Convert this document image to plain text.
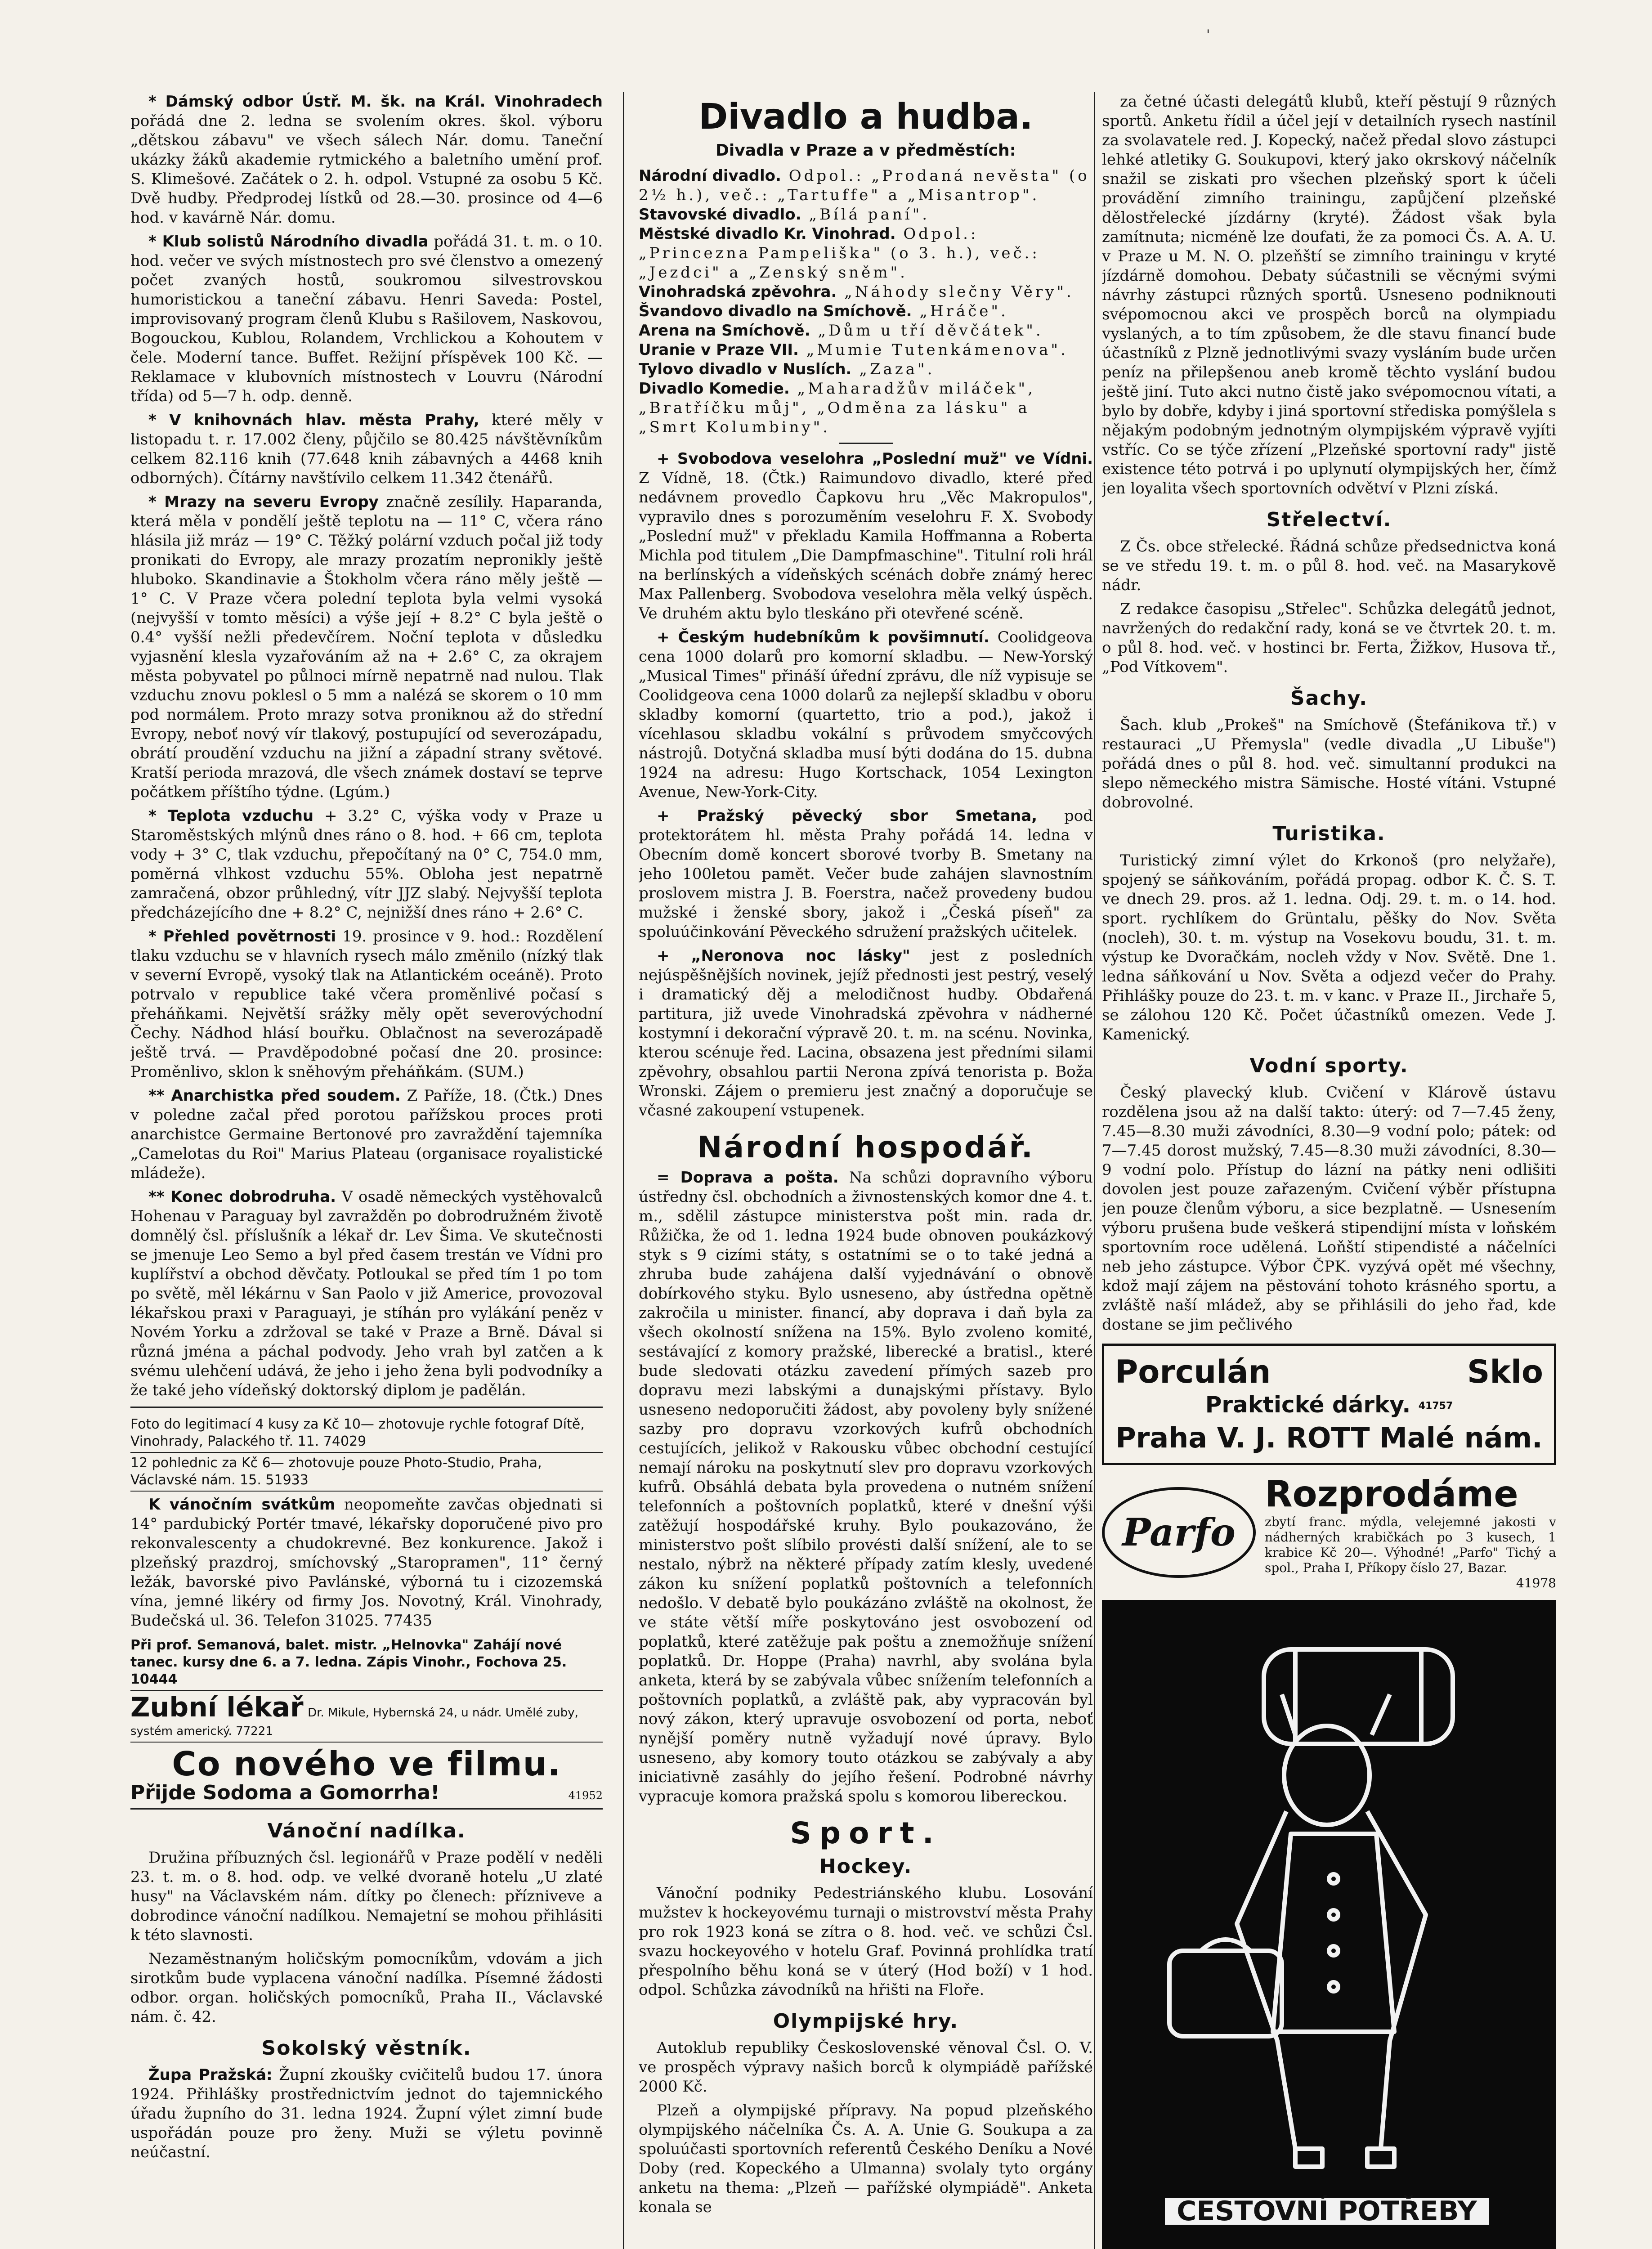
'

* Dámský odbor Ústř. M. šk. na Král. Vinohradech pořádá dne 2. ledna se svolením okres. škol. výboru „dětskou zábavu" ve všech sálech Nár. domu. Taneční ukázky žáků akademie rytmického a baletního umění prof. S. Klimešové. Začátek o 2. h. odpol. Vstupné za osobu 5 Kč. Dvě hudby. Předprodej lístků od 28.—30. prosince od 4—6 hod. v kavárně Nár. domu.

* Klub solistů Národního divadla pořádá 31. t. m. o 10. hod. večer ve svých místnostech pro své členstvo a omezený počet zvaných hostů, soukromou silvestrovskou humoristickou a taneční zábavu. Henri Saveda: Postel, improvisovaný program členů Klubu s Rašilovem, Naskovou, Bogouckou, Kublou, Rolandem, Vrchlickou a Kohoutem v čele. Moderní tance. Buffet. Režijní příspěvek 100 Kč. — Reklamace v klubovních místnostech v Louvru (Národní třída) od 5—7 h. odp. denně.

* V knihovnách hlav. města Prahy, které měly v listopadu t. r. 17.002 členy, půjčilo se 80.425 návštěvníkům celkem 82.116 knih (77.648 knih zábavných a 4468 knih odborných). Čítárny navštívilo celkem 11.342 čtenářů.

* Mrazy na severu Evropy značně zesílily. Haparanda, která měla v pondělí ještě teplotu na — 11° C, včera ráno hlásila již mráz — 19° C. Těžký polární vzduch počal již tody pronikati do Evropy, ale mrazy prozatím nepronikly ještě hluboko. Skandinavie a Štokholm včera ráno měly ještě — 1° C. V Praze včera polední teplota byla velmi vysoká (nejvyšší v tomto měsíci) a výše její + 8.2° C byla ještě o 0.4° vyšší nežli předevčírem. Noční teplota v důsledku vyjasnění klesla vyzařováním až na + 2.6° C, za okrajem města pobyvatel po půlnoci mírně nepatrně nad nulou. Tlak vzduchu znovu poklesl o 5 mm a nalézá se skorem o 10 mm pod normálem. Proto mrazy sotva proniknou až do střední Evropy, neboť nový vír tlakový, postupující od severozápadu, obrátí proudění vzduchu na jižní a západní strany světové. Kratší perioda mrazová, dle všech známek dostaví se teprve počátkem příštího týdne. (Lgúm.)

* Teplota vzduchu + 3.2° C, výška vody v Praze u Staroměstských mlýnů dnes ráno o 8. hod. + 66 cm, teplota vody + 3° C, tlak vzduchu, přepočítaný na 0° C, 754.0 mm, poměrná vlhkost vzduchu 55%. Obloha jest nepatrně zamračená, obzor průhledný, vítr JJZ slabý. Nejvyšší teplota předcházejícího dne + 8.2° C, nejnižší dnes ráno + 2.6° C.

* Přehled povětrnosti 19. prosince v 9. hod.: Rozdělení tlaku vzduchu se v hlavních rysech málo změnilo (nízký tlak v severní Evropě, vysoký tlak na Atlantickém oceáně). Proto potrvalo v republice také včera proměnlivé počasí s přeháňkami. Největší srážky měly opět severovýchodní Čechy. Nádhod hlásí bouřku. Oblačnost na severozápadě ještě trvá. — Pravděpodobné počasí dne 20. prosince: Proměnlivo, sklon k sněhovým přeháňkám. (SUM.)

** Anarchistka před soudem. Z Paříže, 18. (Čtk.) Dnes v poledne začal před porotou pařížskou proces proti anarchistce Germaine Bertonové pro zavraždění tajemníka „Camelotas du Roi" Marius Plateau (organisace royalistické mládeže).

** Konec dobrodruha. V osadě německých vystěhovalců Hohenau v Paraguay byl zavražděn po dobrodružném životě domnělý čsl. příslušník a lékař dr. Lev Šima. Ve skutečnosti se jmenuje Leo Semo a byl před časem trestán ve Vídni pro kuplířství a obchod děvčaty. Potloukal se před tím 1 po tom po světě, měl lékárnu v San Paolo v již Americe, provozoval lékařskou praxi v Paraguayi, je stíhán pro vylákání peněz v Novém Yorku a zdržoval se také v Praze a Brně. Dával si různá jména a páchal podvody. Jeho vrah byl zatčen a k svému ulehčení udává, že jeho i jeho žena byli podvodníky a že také jeho vídeňský doktorský diplom je padělán.

Foto do legitimací 4 kusy za Kč 10— zhotovuje rychle fotograf Dítě, Vinohrady, Palackého tř. 11. 74029
12 pohlednic za Kč 6— zhotovuje pouze Photo-Studio, Praha, Václavské nám. 15. 51933

K vánočním svátkům neopomeňte zavčas objednati si 14° pardubický Portér tmavé, lékařsky doporučené pivo pro rekonvalescenty a chudokrevné. Bez konkurence. Jakož i plzeňský prazdroj, smíchovský „Staropramen", 11° černý ležák, bavorské pivo Pavlánské, výborná tu i cizozemská vína, jemné likéry od firmy Jos. Novotný, Král. Vinohrady, Budečská ul. 36. Telefon 31025. 77435

Při prof. Semanová, balet. mistr. „Helnovka" Zahájí nové tanec. kursy dne 6. a 7. ledna. Zápis Vinohr., Fochova 25. 10444
Zubní lékař Dr. Mikule, Hybernská 24, u nádr. Umělé zuby, systém americký. 77221
Co nového ve filmu.
Přijde Sodoma a Gomorrha!	41952
Vánoční nadílka.

Družina příbuzných čsl. legionářů v Praze podělí v neděli 23. t. m. o 8. hod. odp. ve velké dvoraně hotelu „U zlaté husy" na Václavském nám. dítky po členech: přízniveve a dobrodince vánoční nadílkou. Nemajetní se mohou přihlásiti k této slavnosti.

Nezaměstnaným holičským pomocníkům, vdovám a jich sirotkům bude vyplacena vánoční nadílka. Písemné žádosti odbor. organ. holičských pomocníků, Praha II., Václavské nám. č. 42.

Sokolský věstník.

Župa Pražská: Župní zkoušky cvičitelů budou 17. února 1924. Přihlášky prostřednictvím jednot do tajemnického úřadu župního do 31. ledna 1924. Župní výlet zimní bude uspořádán pouze pro ženy. Muži se výletu povinně neúčastní.

Divadlo a hudba.
Divadla v Praze a v předměstích:
Národní divadlo. Odpol.: „Prodaná nevěsta" (o 2½ h.), več.: „Tartuffe" a „Misantrop".
Stavovské divadlo. „Bílá paní".
Městské divadlo Kr. Vinohrad. Odpol.: „Princezna Pampeliška" (o 3. h.), več.: „Jezdci" a „Zenský sněm".
Vinohradská zpěvohra. „Náhody slečny Věry".
Švandovo divadlo na Smíchově. „Hráče".
Arena na Smíchově. „Dům u tří děvčátek".
Uranie v Praze VII. „Mumie Tutenkámenova".
Tylovo divadlo v Nuslích. „Zaza".
Divadlo Komedie. „Maharadžův miláček", „Bratříčku můj", „Odměna za lásku" a „Smrt Kolumbiny".

+ Svobodova veselohra „Poslední muž" ve Vídni. Z Vídně, 18. (Čtk.) Raimundovo divadlo, které před nedávnem provedlo Čapkovu hru „Věc Makropulos", vypravilo dnes s porozuměním veselohru F. X. Svobody „Poslední muž" v překladu Kamila Hoffmanna a Roberta Michla pod titulem „Die Dampfmaschine". Titulní roli hrál na berlínských a vídeňských scénách dobře známý herec Max Pallenberg. Svobodova veselohra měla velký úspěch. Ve druhém aktu bylo tleskáno při otevřené scéně.

+ Českým hudebníkům k povšimnutí. Coolidgeova cena 1000 dolarů pro komorní skladbu. — New-Yorský „Musical Times" přináší úřední zprávu, dle níž vypisuje se Coolidgeova cena 1000 dolarů za nejlepší skladbu v oboru skladby komorní (quartetto, trio a pod.), jakož i vícehlasou skladbu vokální s průvodem smyčcových nástrojů. Dotyčná skladba musí býti dodána do 15. dubna 1924 na adresu: Hugo Kortschack, 1054 Lexington Avenue, New-York-City.

+ Pražský pěvecký sbor Smetana, pod protektorátem hl. města Prahy pořádá 14. ledna v Obecním domě koncert sborové tvorby B. Smetany na jeho 100letou pamět. Večer bude zahájen slavnostním proslovem mistra J. B. Foerstra, načež provedeny budou mužské i ženské sbory, jakož i „Česká píseň" za spoluúčinkování Pěveckého sdružení pražských učitelek.

+ „Neronova noc lásky" jest z posledních nejúspěšnějších novinek, jejíž přednosti jest pestrý, veselý i dramatický děj a melodičnost hudby. Obdařená partitura, již uvede Vinohradská zpěvohra v nádherné kostymní i dekorační výpravě 20. t. m. na scénu. Novinka, kterou scénuje řed. Lacina, obsazena jest předními silami zpěvohry, obsahlou partii Nerona zpívá tenorista p. Boža Wronski. Zájem o premieru jest značný a doporučuje se včasné zakoupení vstupenek.

Národní hospodář.

= Doprava a pošta. Na schůzi dopravního výboru ústředny čsl. obchodních a živnostenských komor dne 4. t. m., sdělil zástupce ministerstva pošt min. rada dr. Růžička, že od 1. ledna 1924 bude obnoven poukázkový styk s 9 cizími státy, s ostatními se o to také jedná a zhruba bude zahájena další vyjednávání o obnově dobírkového styku. Bylo usneseno, aby ústředna opětně zakročila u minister. financí, aby doprava i daň byla za všech okolností snížena na 15%. Bylo zvoleno komité, sestávající z komory pražské, liberecké a bratisl., které bude sledovati otázku zavedení přímých sazeb pro dopravu mezi labskými a dunajskými přístavy. Bylo usneseno nedoporučiti žádost, aby povoleny byly snížené sazby pro dopravu vzorkových kufrů obchodních cestujících, jelikož v Rakousku vůbec obchodní cestující nemají nároku na poskytnutí slev pro dopravu vzorkových kufrů. Obsáhlá debata byla provedena o nutném snížení telefonních a poštovních poplatků, které v dnešní výši zatěžují hospodářské kruhy. Bylo poukazováno, že ministerstvo pošt slíbilo provésti další snížení, ale to se nestalo, nýbrž na některé případy zatím klesly, uvedené zákon ku snížení poplatků poštovních a telefonních nedošlo. V debatě bylo poukázáno zvláště na okolnost, že ve státe větší míře poskytováno jest osvobození od poplatků, které zatěžuje pak poštu a znemožňuje snížení poplatků. Dr. Hoppe (Praha) navrhl, aby svolána byla anketa, která by se zabývala vůbec snížením telefonních a poštovních poplatků, a zvláště pak, aby vypracován byl nový zákon, který upravuje osvobození od porta, neboť nynější poměry nutně vyžadují nové úpravy. Bylo usneseno, aby komory touto otázkou se zabývaly a aby iniciativně zasáhly do jejího řešení. Podrobné návrhy vypracuje komora pražská spolu s komorou libereckou.

Sport.
Hockey.

Vánoční podniky Pedestriánského klubu. Losování mužstev k hockeyovému turnaji o mistrovství města Prahy pro rok 1923 koná se zítra o 8. hod. več. ve schůzi Čsl. svazu hockeyového v hotelu Graf. Povinná prohlídka tratí přespolního běhu koná se v úterý (Hod boží) v 1 hod. odpol. Schůzka závodníků na hřišti na Floře.

Olympijské hry.

Autoklub republiky Československé věnoval Čsl. O. V. ve prospěch výpravy našich borců k olympiádě pařížské 2000 Kč.

Plzeň a olympijské přípravy. Na popud plzeňského olympijského náčelníka Čs. A. A. Unie G. Soukupa a za spoluúčasti sportovních referentů Českého Deníku a Nové Doby (red. Kopeckého a Ulmanna) svolaly tyto orgány anketu na thema: „Plzeň — pařížské olympiádě". Anketa konala se

za četné účasti delegátů klubů, kteří pěstují 9 různých sportů. Anketu řídil a účel její v detailních rysech nastínil za svolavatele red. J. Kopecký, načež předal slovo zástupci lehké atletiky G. Soukupovi, který jako okrskový náčelník snažil se ziskati pro všechen plzeňský sport k účeli provádění zimního trainingu, zapůjčení plzeňské dělostřelecké jízdárny (kryté). Žádost však byla zamítnuta; nicméně lze doufati, že za pomoci Čs. A. A. U. v Praze u M. N. O. plzeňští se zimního trainingu v kryté jízdárně domohou. Debaty súčastnili se věcnými svými návrhy zástupci různých sportů. Usneseno podniknouti svépomocnou akci ve prospěch borců na olympiadu vyslaných, a to tím způsobem, že dle stavu financí bude účastníků z Plzně jednotlivými svazy vysláním bude určen peníz na přilepšenou aneb kromě těchto vyslání budou ještě jiní. Tuto akci nutno čistě jako svépomocnou vítati, a bylo by dobře, kdyby i jiná sportovní střediska pomýšlela s nějakým podobným jednotným olympijském výpravě vyjíti vstříc. Co se týče zřízení „Plzeňské sportovní rady" jistě existence této potrvá i po uplynutí olympijských her, čímž jen loyalita všech sportovních odvětví v Plzni získá.

Střelectví.

Z Čs. obce střelecké. Řádná schůze předsednictva koná se ve středu 19. t. m. o půl 8. hod. več. na Masarykově nádr.

Z redakce časopisu „Střelec". Schůzka delegátů jednot, navržených do redakční rady, koná se ve čtvrtek 20. t. m. o půl 8. hod. več. v hostinci br. Ferta, Žižkov, Husova tř., „Pod Vítkovem".

Šachy.

Šach. klub „Prokeš" na Smíchově (Štefánikova tř.) v restauraci „U Přemysla" (vedle divadla „U Libuše") pořádá dnes o půl 8. hod. več. simultanní produkci na slepo německého mistra Sämische. Hosté vítáni. Vstupné dobrovolné.

Turistika.

Turistický zimní výlet do Krkonoš (pro nelyžaře), spojený se sáňkováním, pořádá propag. odbor K. Č. S. T. ve dnech 29. pros. až 1. ledna. Odj. 29. t. m. o 14. hod. sport. rychlíkem do Grüntalu, pěšky do Nov. Světa (nocleh), 30. t. m. výstup na Vosekovu boudu, 31. t. m. výstup ke Dvoračkám, nocleh vždy v Nov. Světě. Dne 1. ledna sáňkování u Nov. Světa a odjezd večer do Prahy. Přihlášky pouze do 23. t. m. v kanc. v Praze II., Jirchaře 5, se zálohou 120 Kč. Počet účastníků omezen. Vede J. Kamenický.

Vodní sporty.

Český plavecký klub. Cvičení v Klárově ústavu rozdělena jsou až na další takto: úterý: od 7—7.45 ženy, 7.45—8.30 muži závodníci, 8.30—9 vodní polo; pátek: od 7—7.45 dorost mužský, 7.45—8.30 muži závodníci, 8.30—9 vodní polo. Přístup do lázní na pátky neni odlišiti dovolen jest pouze zařazeným. Cvičení výběr přístupna jen pouze členům výboru, a sice bezplatně. — Usnesením výboru prušena bude veškerá stipendijní místa v loňském sportovním roce udělená. Loňští stipendisté a náčelníci neb jeho zástupce. Výbor ČPK. vyzývá opět mé všechny, kdož mají zájem na pěstování tohoto krásného sportu, a zvláště naší mládež, aby se přihlásili do jeho řad, kde dostane se jim pečlivého

Porculán	Sklo
Praktické dárky. 41757
Praha V. J. ROTT Malé nám.
Parfo
Rozprodáme
zbytí franc. mýdla, velejemné jakosti v nádherných krabičkách po 3 kusech, 1 krabice Kč 20—. Výhodné! „Parfo" Tichý a spol., Praha I, Příkopy číslo 27, Bazar.
41978
CESTOVNÍ POTŘEBY
